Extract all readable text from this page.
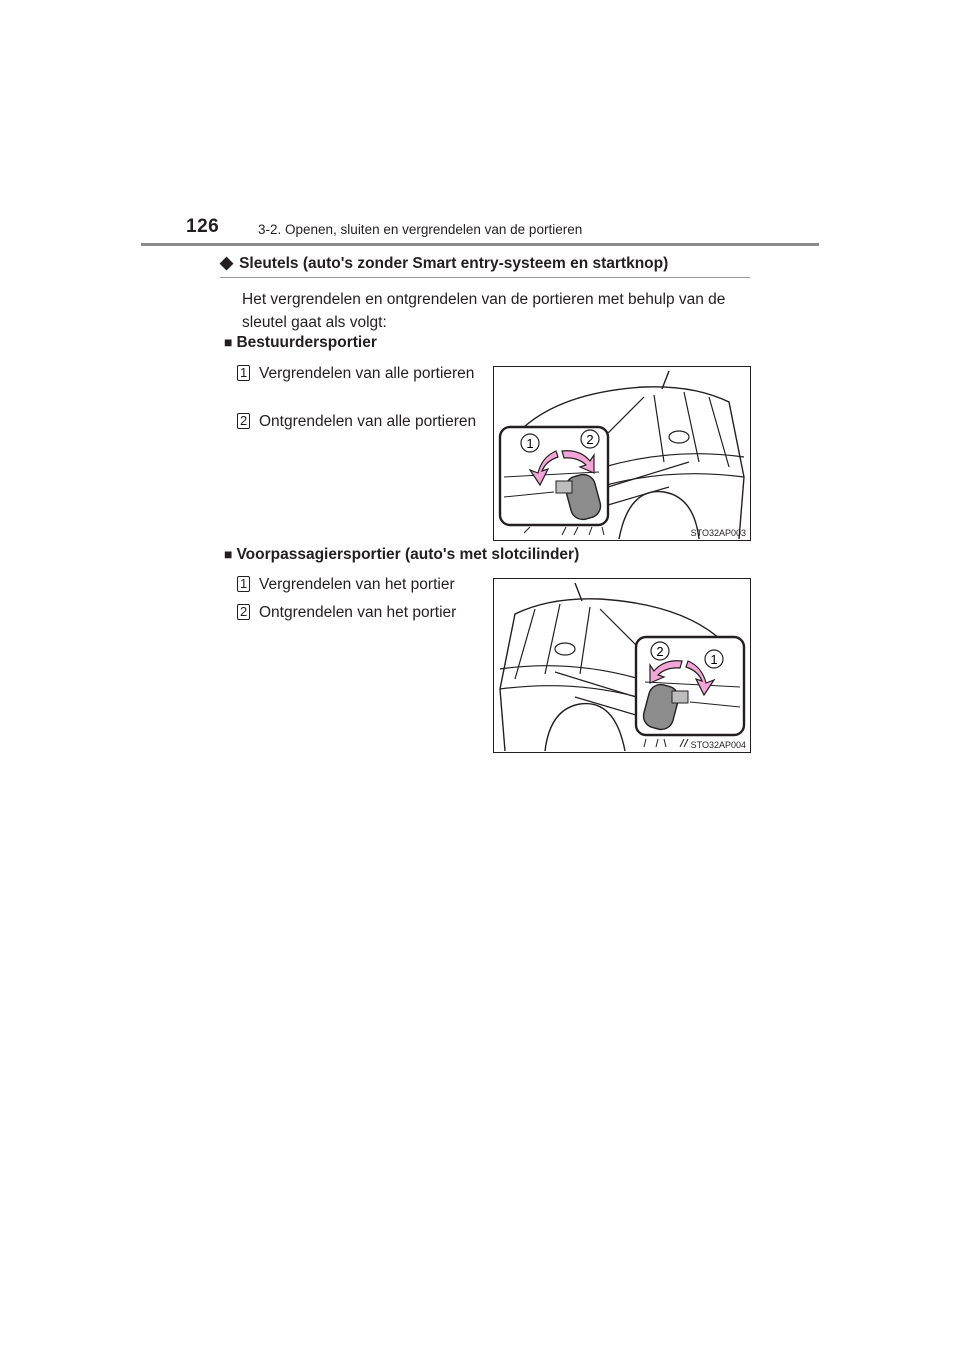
126	3-2. Openen, sluiten en vergrendelen van de portieren
◆ Sleutels (auto's zonder Smart entry-systeem en startknop)
Het vergrendelen en ontgrendelen van de portieren met behulp van de sleutel gaat als volgt:
■ Bestuurdersportier
1 Vergrendelen van alle portieren
2 Ontgrendelen van alle portieren
1	2
STO32AP003
■ Voorpassagiersportier (auto's met slotcilinder)
1 Vergrendelen van het portier
2 Ontgrendelen van het portier
2
1
STO32AP004
